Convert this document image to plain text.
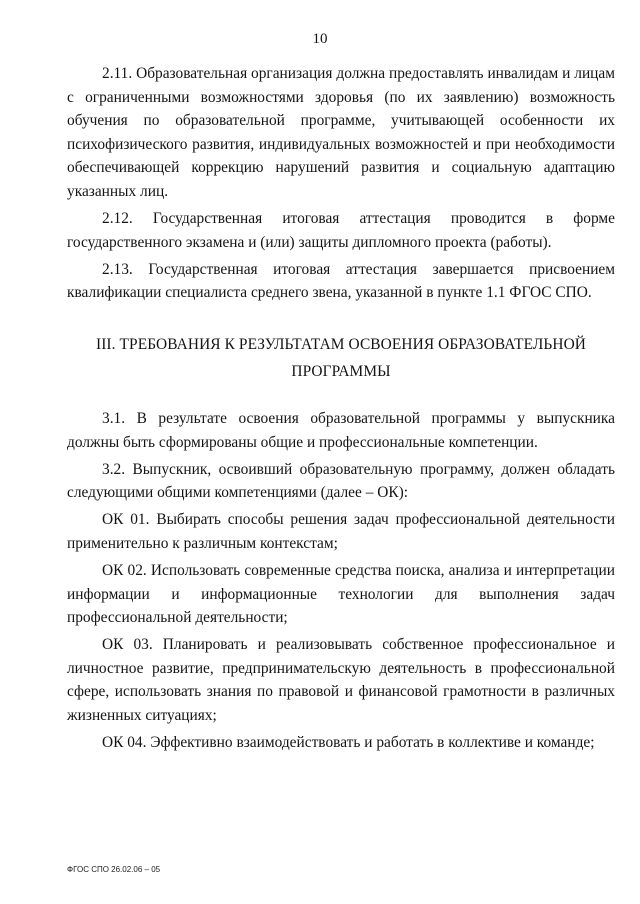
10

2.11. Образовательная организация должна предоставлять инвалидам и лицам с ограниченными возможностями здоровья (по их заявлению) возможность обучения по образовательной программе, учитывающей особенности их психофизического развития, индивидуальных возможностей и при необходимости обеспечивающей коррекцию нарушений развития и социальную адаптацию указанных лиц.

2.12. Государственная итоговая аттестация проводится в форме государственного экзамена и (или) защиты дипломного проекта (работы).

2.13. Государственная итоговая аттестация завершается присвоением квалификации специалиста среднего звена, указанной в пункте 1.1 ФГОС СПО.

III. ТРЕБОВАНИЯ К РЕЗУЛЬТАТАМ ОСВОЕНИЯ ОБРАЗОВАТЕЛЬНОЙ
ПРОГРАММЫ

3.1. В результате освоения образовательной программы у выпускника должны быть сформированы общие и профессиональные компетенции.

3.2. Выпускник, освоивший образовательную программу, должен обладать следующими общими компетенциями (далее – ОК):

ОК 01. Выбирать способы решения задач профессиональной деятельности применительно к различным контекстам;

ОК 02. Использовать современные средства поиска, анализа и интерпретации информации и информационные технологии для выполнения задач профессиональной деятельности;

ОК 03. Планировать и реализовывать собственное профессиональное и личностное развитие, предпринимательскую деятельность в профессиональной сфере, использовать знания по правовой и финансовой грамотности в различных жизненных ситуациях;

ОК 04. Эффективно взаимодействовать и работать в коллективе и команде;

ФГОС СПО 26.02.06 – 05
